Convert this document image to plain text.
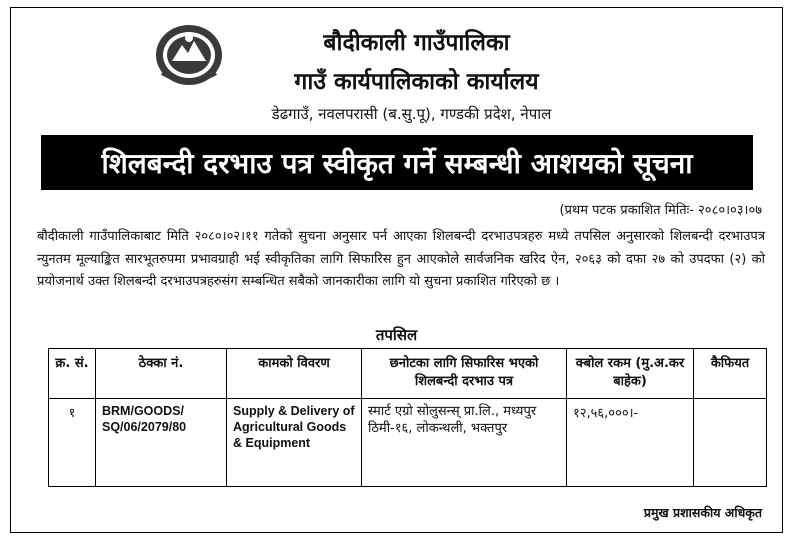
बौदीकाली गाउँपालिका
गाउँ कार्यपालिकाको कार्यालय
डेढगाउँ, नवलपरासी (ब.सु.पू), गण्डकी प्रदेश, नेपाल
शिलबन्दी दरभाउ पत्र स्वीकृत गर्ने सम्बन्धी आशयको सूचना
(प्रथम पटक प्रकाशित मितिः- २०८०।०३।०७
बौदीकाली गाउँपालिकाबाट मिति २०८०।०२।११ गतेको सुचना अनुसार पर्न आएका शिलबन्दी दरभाउपत्रहरु मध्ये तपसिल अनुसारको शिलबन्दी दरभाउपत्र न्युनतम मूल्याङ्कित सारभूतरुपमा प्रभावग्राही भई स्वीकृतिका लागि सिफारिस हुन आएकोले सार्वजनिक खरिद ऐन, २०६३ को दफा २७ को उपदफा (२) को प्रयोजनार्थ उक्त शिलबन्दी दरभाउपत्रहरुसंग सम्बन्धित सबैको जानकारीका लागि यो सुचना प्रकाशित गरिएको छ ।
तपसिल
क्र. सं.	ठेक्का नं.	कामको विवरण	छनोटका लागि सिफारिस भएको शिलबन्दी दरभाउ पत्र	क्बोल रकम (मु.अ.कर बाहेक)	कैफियत
१	BRM/GOODS/ SQ/06/2079/80	Supply & Delivery of Agricultural Goods & Equipment	स्मार्ट एग्रो सोलुसन्स् प्रा.लि., मध्यपुर ठिमी-१६, लोकन्थली, भक्तपुर	१२,५६,०००।-	
प्रमुख प्रशासकीय अधिकृत
